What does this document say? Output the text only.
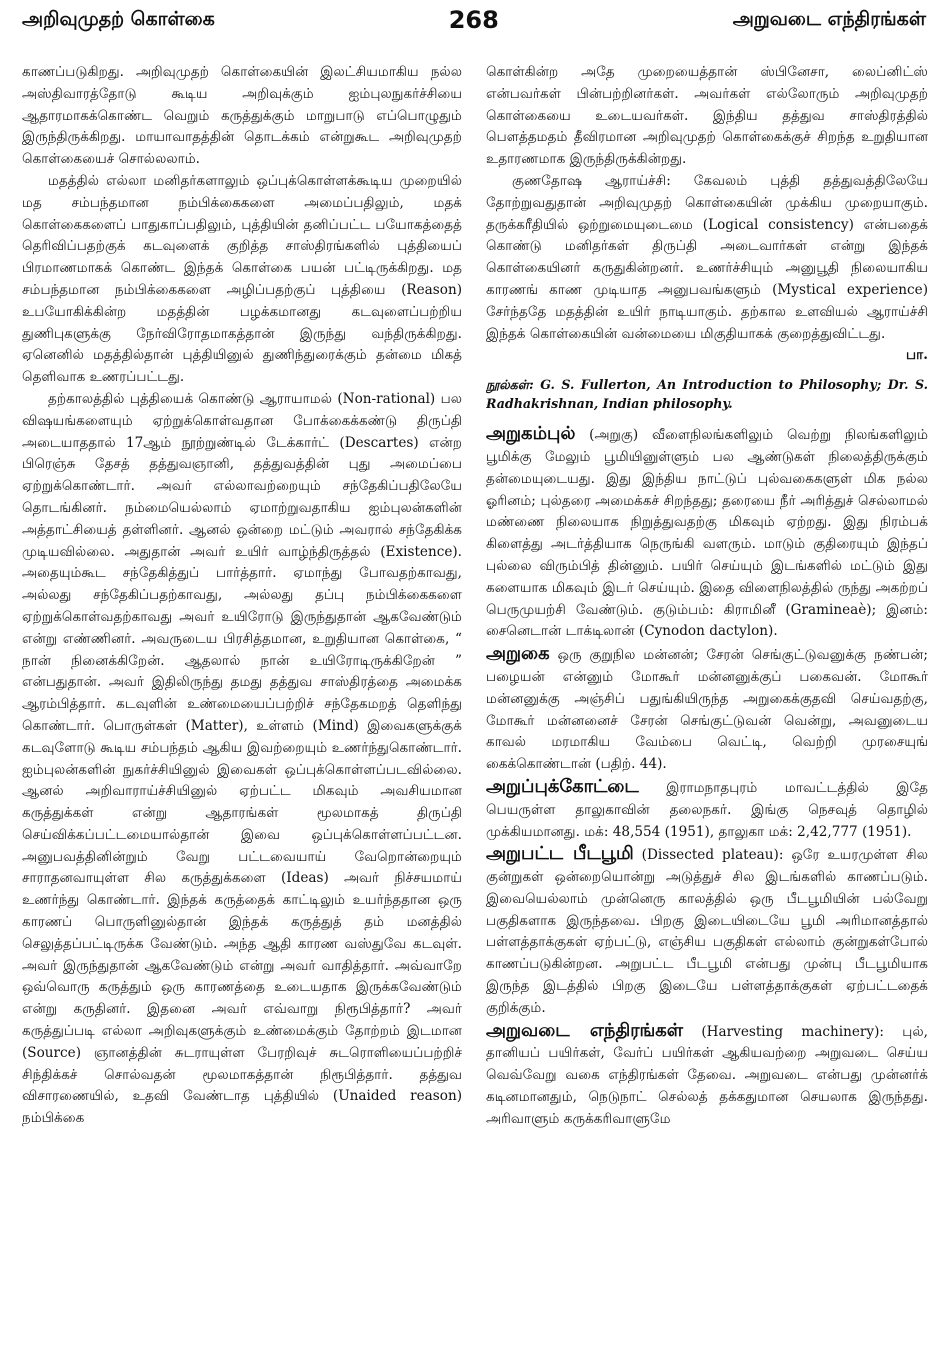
அறிவுமுதற் கொள்கை	268	அறுவடை எந்திரங்கள்

காணப்படுகிறது. அறிவுமுதற் கொள்கையின் இலட்சியமாகிய நல்ல அஸ்திவாரத்தோடு கூடிய அறிவுக்கும் ஐம்புலநுகர்ச்சியை ஆதாரமாகக்கொண்ட வெறும் கருத்துக்கும் மாறுபாடு எப்பொழுதும் இருந்திருக்கிறது. மாயாவாதத்தின் தொடக்கம் என்றுகூட அறிவுமுதற் கொள்கையைச் சொல்லலாம்.

மதத்தில் எல்லா மனிதர்களாலும் ஒப்புக்கொள்ளக்கூடிய முறையில் மத சம்பந்தமான நம்பிக்கைகளை அமைப்பதிலும், மதக் கொள்கைகளைப் பாதுகாப்பதிலும், புத்தியின் தனிப்பட்ட பயோகத்தைத் தெரிவிப்பதற்குக் கடவுளைக் குறித்த சாஸ்திரங்களில் புத்தியைப் பிரமாணமாகக் கொண்ட இந்தக் கொள்கை பயன் பட்டிருக்கிறது. மத சம்பந்தமான நம்பிக்கைகளை அழிப்பதற்குப் புத்தியை (Reason) உபயோகிக்கின்ற மதத்தின் பழக்கமானது கடவுளைப்பற்றிய துணிபுகளுக்கு நேர்விரோதமாகத்தான் இருந்து வந்திருக்கிறது. ஏனெனில் மதத்தில்தான் புத்தியினுல் துணிந்துரைக்கும் தன்மை மிகத் தெளிவாக உணரப்பட்டது.

தற்காலத்தில் புத்தியைக் கொண்டு ஆராயாமல் (Non-rational) பல விஷயங்களையும் ஏற்றுக்கொள்வதான போக்கைக்கண்டு திருப்தி அடையாததால் 17ஆம் நூற்றுண்டில் டேக்கார்ட் (Descartes) என்ற பிரெஞ்சு தேசத் தத்துவஞானி, தத்துவத்தின் புது அமைப்பை ஏற்றுக்கொண்டார். அவர் எல்லாவற்றையும் சந்தேகிப்பதிலேயே தொடங்கினர். நம்மையெல்லாம் ஏமாற்றுவதாகிய ஐம்புலன்களின் அத்தாட்சியைத் தள்ளினர். ஆனல் ஒன்றை மட்டும் அவரால் சந்தேகிக்க முடியவில்லை. அதுதான் அவர் உயிர் வாழ்ந்திருத்தல் (Existence). அதையும்கூட சந்தேகித்துப் பார்த்தார். ஏமாந்து போவதற்காவது, அல்லது சந்தேகிப்பதற்காவது, அல்லது தப்பு நம்பிக்கைகளை ஏற்றுக்கொள்வதற்காவது அவர் உயிரோடு இருந்துதான் ஆகவேண்டும் என்று எண்ணினர். அவருடைய பிரசித்தமான, உறுதியான கொள்கை, “ நான் நினைக்கிறேன். ஆதலால் நான் உயிரோடிருக்கிறேன் ” என்பதுதான். அவர் இதிலிருந்து தமது தத்துவ சாஸ்திரத்தை அமைக்க ஆரம்பித்தார். கடவுளின் உண்மையைப்பற்றிச் சந்தேகமறத் தெளிந்து கொண்டார். பொருள்கள் (Matter), உள்ளம் (Mind) இவைகளுக்குக் கடவுளோடு கூடிய சம்பந்தம் ஆகிய இவற்றையும் உணர்ந்துகொண்டார். ஐம்புலன்களின் நுகர்ச்சியினுல் இவைகள் ஒப்புக்கொள்ளப்படவில்லை. ஆனல் அறிவாராய்ச்சியினுல் ஏற்பட்ட மிகவும் அவசியமான கருத்துக்கள் என்று ஆதாரங்கள் மூலமாகத் திருப்தி செய்விக்கப்பட்டமையால்தான் இவை ஒப்புக்கொள்ளப்பட்டன. அனுபவத்தினின்றும் வேறு பட்டவையாய் வேறொன்றையும் சாராதனவாயுள்ள சில கருத்துக்களை (Ideas) அவர் நிச்சயமாய் உணர்ந்து கொண்டார். இந்தக் கருத்தைக் காட்டிலும் உயர்ந்ததான ஒரு காரணப் பொருளினுல்தான் இந்தக் கருத்துத் தம் மனத்தில் செலுத்தப்பட்டிருக்க வேண்டும். அந்த ஆதி காரண வஸ்துவே கடவுள். அவர் இருந்துதான் ஆகவேண்டும் என்று அவர் வாதித்தார். அவ்வாறே ஒவ்வொரு கருத்தும் ஒரு காரணத்தை உடையதாக இருக்கவேண்டும் என்று கருதினர். இதனை அவர் எவ்வாறு நிரூபித்தார்? அவர் கருத்துப்படி எல்லா அறிவுகளுக்கும் உண்மைக்கும் தோற்றம் இடமான (Source) ஞானத்தின் சுடராயுள்ள பேரறிவுச் சுடரொளியைப்பற்றிச் சிந்திக்கச் சொல்வதன் மூலமாகத்தான் நிரூபித்தார். தத்துவ விசாரணையில், உதவி வேண்டாத புத்தியில் (Unaided reason) நம்பிக்கை

கொள்கின்ற அதே முறையைத்தான் ஸ்பினேசா, லைப்னிட்ஸ் என்பவர்கள் பின்பற்றினர்கள். அவர்கள் எல்லோரும் அறிவுமுதற் கொள்கையை உடையவர்கள். இந்திய தத்துவ சாஸ்திரத்தில் பௌத்தமதம் தீவிரமான அறிவுமுதற் கொள்கைக்குச் சிறந்த உறுதியான உதாரணமாக இருந்திருக்கின்றது.

குணதோஷ ஆராய்ச்சி: கேவலம் புத்தி தத்துவத்திலேயே தோற்றுவதுதான் அறிவுமுதற் கொள்கையின் முக்கிய முறையாகும். தருக்கரீதியில் ஒற்றுமையுடைமை (Logical consistency) என்பதைக் கொண்டு மனிதர்கள் திருப்தி அடைவார்கள் என்று இந்தக் கொள்கையினர் கருதுகின்றனர். உணர்ச்சியும் அனுபூதி நிலையாகிய காரணங் காண முடியாத அனுபவங்களும் (Mystical experience) சேர்ந்ததே மதத்தின் உயிர் நாடியாகும். தற்கால உளவியல் ஆராய்ச்சி இந்தக் கொள்கையின் வன்மையை மிகுதியாகக் குறைத்துவிட்டது.

பா.

நூல்கள்: G. S. Fullerton, An Introduction to Philosophy; Dr. S. Radhakrishnan, Indian philosophy.

அறுகம்புல் (அறுகு) வீளைநிலங்களிலும் வெற்று நிலங்களிலும் பூமிக்கு மேலும் பூமியினுள்ளும் பல ஆண்டுகள் நிலைத்திருக்கும் தன்மையுடையது. இது இந்திய நாட்டுப் புல்வகைகளுள் மிக நல்ல ஓரினம்; புல்தரை அமைக்கச் சிறந்தது; தரையை நீர் அரித்துச் செல்லாமல் மண்ணை நிலையாக நிறுத்துவதற்கு மிகவும் ஏற்றது. இது நிரம்பக் கிளைத்து அடர்த்தியாக நெருங்கி வளரும். மாடும் குதிரையும் இந்தப் புல்லை விரும்பித் தின்னும். பயிர் செய்யும் இடங்களில் மட்டும் இது களையாக மிகவும் இடர் செய்யும். இதை விளைநிலத்தில் ருந்து அகற்றப் பெருமுயற்சி வேண்டும். குடும்பம்: கிராமினீ (Gramineaè); இனம்: சைனெடான் டாக்டிலான் (Cynodon dactylon).

அறுகை ஒரு குறுநில மன்னன்; சேரன் செங்குட்டுவனுக்கு நண்பன்; பழையன் என்னும் மோகூர் மன்னனுக்குப் பகைவன். மோகூர் மன்னனுக்கு அஞ்சிப் பதுங்கியிருந்த அறுகைக்குதவி செய்வதற்கு, மோகூர் மன்னனைச் சேரன் செங்குட்டுவன் வென்று, அவனுடைய காவல் மரமாகிய வேம்பை வெட்டி, வெற்றி முரசையுங் கைக்கொண்டான் (பதிற். 44).

அறுப்புக்கோட்டை இராமநாதபுரம் மாவட்டத்தில் இதே பெயருள்ள தாலுகாவின் தலைநகர். இங்கு நெசவுத் தொழில் முக்கியமானது. மக்: 48,554 (1951), தாலுகா மக்: 2,42,777 (1951).

அறுபட்ட பீடபூமி (Dissected plateau): ஒரே உயரமுள்ள சில குன்றுகள் ஒன்றையொன்று அடுத்துச் சில இடங்களில் காணப்படும். இவையெல்லாம் முன்னெரு காலத்தில் ஒரு பீடபூமியின் பல்வேறு பகுதிகளாக இருந்தவை. பிறகு இடையிடையே பூமி அரிமானத்தால் பள்ளத்தாக்குகள் ஏற்பட்டு, எஞ்சிய பகுதிகள் எல்லாம் குன்றுகள்போல் காணப்படுகின்றன. அறுபட்ட பீடபூமி என்பது முன்பு பீடபூமியாக இருந்த இடத்தில் பிறகு இடையே பள்ளத்தாக்குகள் ஏற்பட்டதைக் குறிக்கும்.

அறுவடை எந்திரங்கள் (Harvesting machinery): புல், தானியப் பயிர்கள், வேர்ப் பயிர்கள் ஆகியவற்றை அறுவடை செய்ய வெவ்வேறு வகை எந்திரங்கள் தேவை. அறுவடை என்பது முன்னர்க் கடினமானதும், நெடுநாட் செல்லத் தக்கதுமான செயலாக இருந்தது. அரிவாளும் கருக்கரிவாளுமே
